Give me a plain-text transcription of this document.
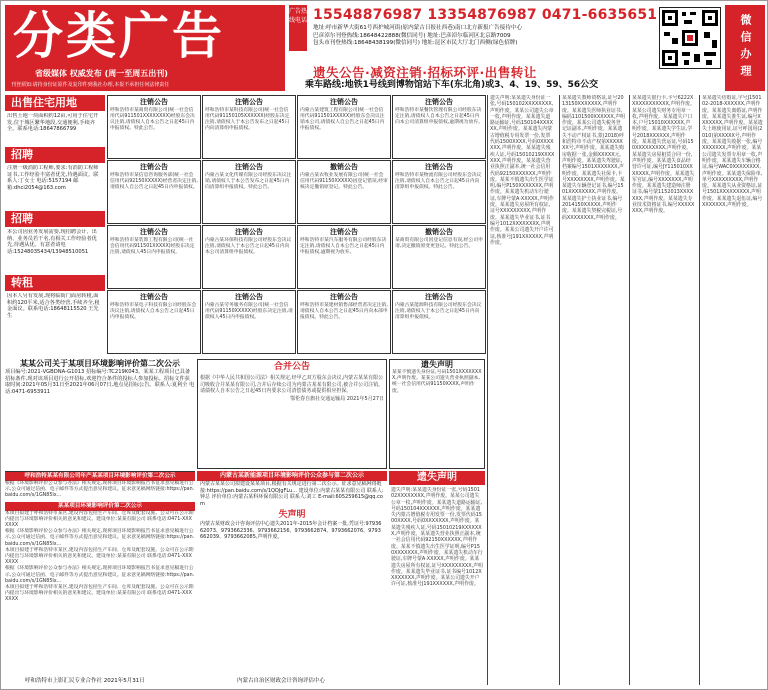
分类广告
省级媒体 权威发布 (周一至周五出刊)
刊登须知:请持身份证原件及复印件到我社办理,本报不承担任何法律责任
广告热线电话 15548876987 13354876987 0471-6635651
地址:呼市新华大街61号西护城河街(原内蒙古日报社西巷)南口北方新报广告接待中心
巴彦淖尔刊登热线:18648422888(微信同号) 地址:巴彦淖尔临河区北京路7009
包头市刊登热线:18648438199(微信同号) 地址:昆区市民大厅北门西侧(绿色招牌)
遗失公告·减资注销·招标环评·出售转让
乘车路线:地铁1号线到博物馆站下车(东北角)或3、4、19、59、56公交
微信办理
出售住宅用地
出售土地一块面积约12亩,可用于住宅开发,位于城区繁华地段,交通便利,手续齐全。联系电话:18647866799
招聘
注册一级消防工程师,要求:有消防工程师证书,工作经验丰富者优先,待遇面议。联系人:丁女士 电话:5157194 邮箱:dhci2054@163.com
招聘
本公司因业务发展需要,现招聘会计、出纳、业务员若干名,有相关工作经验者优先,待遇从优。有意者请电话:15248035434/13948510051
转租
因本人另有发展,现将临街门面房转租,面积约120平米,适合各类经营,手续齐全,租金面议。联系电话:18648115520 王先生
注销公告

呼和浩特市某商贸有限公司(统一社会信用代码911501XXXXXXXX)经股东会决议注销,请债权人自本公告之日起45日内申报债权。特此公告。

注销公告

呼和浩特市某科技有限公司(统一社会信用代码91150105XXXXXX)经股东决定注销,请债权人于本公告发布之日起45日内向清算组申报债权。

注销公告

内蒙古某建筑工程有限公司(统一社会信用代码911501XXXXX)经股东会决议注销本公司,请债权人自公告之日起45日内申报债权。

注销公告

呼和浩特市某餐饮管理有限公司经股东决定注销,请债权人自本公告之日起45日内向本公司清算组申报债权,逾期视为放弃。

注销公告

呼和浩特市某信息咨询服务部(统一社会信用代码92150XXXXX)经营者决定注销,请债权人自公告之日起45日内申报债权。

注销公告

内蒙古某文化传媒有限公司经股东决议注销,请债权人于本公告发布之日起45日内向清算组申报债权。特此公告。

撤销公告

内蒙古某农牧业发展有限公司(统一社会信用代码91150XXXXX)因登记错误,经审核决定撤销原登记。特此公告。

注销公告

呼和浩特市某物流有限公司经股东会决议注销,请债权人自本公告之日起45日内向清算组申报债权。特此公告。

注销公告

呼和浩特市某装饰工程有限公司(统一社会信用代码911501XXXXX)经股东决定注销,请债权人45日内申报债权。

注销公告

内蒙古某环保科技有限公司经股东会决议注销,请债权人于本公告之日起45日内向本公司清算组申报债权。

注销公告

呼和浩特市某汽车服务有限公司经股东决定注销,请债权人自本公告之日起45日内申报债权,逾期视为放弃。

撤销公告

某商贸有限公司因登记信息有误,经公司申请,决定撤销原变更登记。特此公告。

注销公告

呼和浩特市某电子科技有限公司经股东会决议注销,请债权人自本公告之日起45日内申报债权。

注销公告

内蒙古某劳务服务有限公司(统一社会信用代码91150XXXXX)经股东决定注销,请债权人45日内申报债权。

注销公告

呼和浩特市某建材销售部经营者决定注销,请债权人自本公告之日起45日内向本部申报债权。特此公告。

注销公告

内蒙古某能源科技有限公司经股东会决议注销,请债权人于本公告之日起45日内向清算组申报债权。

某某公司关于某项目环境影响评价第二次公示

项目编号:2021-VGBDNA-G1013 招标编号:TC219K043。某某工程项目已具备招标条件,现对该项目进行公开招标,欢迎符合条件的投标人参加投标。招标文件获取时间:2021年05月31日至2021年06月07日,地点见招标公告。联系人:夏利全 电话:0471-6953911

合并公告

根据《中华人民共和国公司法》相关规定,经甲乙双方股东会决议,内蒙古某某有限公司吸收合并某某有限公司,合并后存续公司为内蒙古某某有限公司,被合并公司注销。请债权人自本公告之日起45日内要求公司清偿债务或提供相应担保。

鄂伦春自旗社交通运输局 2021年5月27日

遗失声明

某某不慎遗失身份证,号码1501XXXXXXXX,声明作废。某某公司遗失营业执照副本,统一社会信用代码91150XXXX,声明作废。

呼和浩特某某有限公司年产某某项目环境影响评价第二次公示

根据《环境影响评价公众参与办法》相关规定,现将项目环境影响报告书征求意见稿进行公示,公众可通过信函、电子邮件等方式提出意见和建议。征求意见稿网络链接:https://pan.baidu.com/s/1GN85Ix...

某某项目环境影响评价第二次公示

本项目拟建于呼和浩特市某区,建设内容包括生产车间、仓库及配套设施。公众可在公示期内提出与环境影响评价相关的意见和建议。建设单位:某某有限公司 联系电话:0471-XXXXXXX

根据《环境影响评价公众参与办法》相关规定,现将项目环境影响报告书征求意见稿进行公示,公众可通过信函、电子邮件等方式提出意见和建议。征求意见稿网络链接:https://pan.baidu.com/s/1GN85Ix...

本项目拟建于呼和浩特市某区,建设内容包括生产车间、仓库及配套设施。公众可在公示期内提出与环境影响评价相关的意见和建议。建设单位:某某有限公司 联系电话:0471-XXXXXXX

根据《环境影响评价公众参与办法》相关规定,现将项目环境影响报告书征求意见稿进行公示,公众可通过信函、电子邮件等方式提出意见和建议。征求意见稿网络链接:https://pan.baidu.com/s/1GN85Ix...

本项目拟建于呼和浩特市某区,建设内容包括生产车间、仓库及配套设施。公众可在公示期内提出与环境影响评价相关的意见和建议。建设单位:某某有限公司 联系电话:0471-XXXXXXX

呼和浩特市上影汇民专业合作社 2021年5月31日
内蒙古某新能源项目环境影响评价公众参与第二次公示

内蒙古某某公司拟建设某某项目,根据有关规定进行第二次公示。征求意见稿网络链接:https://pan.baidu.com/s/1QOJgFLu... 建设单位:内蒙古某某有限公司 联系人:钟总 评价单位:内蒙古某科环保有限公司 联系人:刘工 E-mail:605259615@qq.com

失声明

内蒙古某财政会计咨询评估中心遗失2011年-2015年会计档案一批,凭证号:9793662073、9793662336、9793662156、9793662874、9793662076、9793662039、9793662085,声明作废。

内蒙古自治区财政会计咨询评估中心
遗失声明
遗失声明:某某遗失身份证一张,号码150102XXXXXXXX,声明作废。某某公司遗失公章一枚,声明作废。某某遗失道路运输证,号码150104XXXXXX,声明作废。某某遗失内蒙古增值税专用发票一份,发票代码1500XXXX,号码0XXXXXXX,声明作废。某某遗失残疾人证,号码15010219XXXXXXX,声明作废。某某遗失营业执照正副本,统一社会信用代码92150XXXXXX,声明作废。某某不慎遗失出生医学证明,编号P150XXXXXXX,声明作废。某某遗失机动车行驶证,车牌号蒙A·XXXXX,声明作废。某某遗失房屋所有权证,证号XXXXXXXXX,声明作废。某某遗失毕业证书,证书编号1012XXXXXXXX,声明作废。某某公司遗失开户许可证,核准号J191XXXXXX,声明作废。
遗失声明:某某遗失身份证一张,号码150102XXXXXXXX,声明作废。某某公司遗失公章一枚,声明作废。某某遗失道路运输证,号码150104XXXXXX,声明作废。某某遗失内蒙古增值税专用发票一份,发票代码1500XXXX,号码0XXXXXXX,声明作废。某某遗失残疾人证,号码15010219XXXXXXX,声明作废。某某遗失营业执照正副本,统一社会信用代码92150XXXXXX,声明作废。某某不慎遗失出生医学证明,编号P150XXXXXXX,声明作废。某某遗失机动车行驶证,车牌号蒙A·XXXXX,声明作废。某某遗失房屋所有权证,证号XXXXXXXXX,声明作废。某某遗失毕业证书,证书编号1012XXXXXXXX,声明作废。某某公司遗失开户许可证,核准号J191XXXXXX,声明作废。
某某遗失教师资格证,证号2013150XXXXXXX,声明作废。某某遗失医师执业证书,编码1101500XXXXXX,声明作废。某某公司遗失税务登记证副本,声明作废。某某遗失不动产权证书,蒙(2018)呼和浩特市不动产权第XXXXXXX号,声明作废。某某遗失购房收据一张,金额XXXXX元,声明作废。某某遗失驾驶证,档案编号1501XXXXXXX,声明作废。某某遗失社保卡,卡号XXXXXXXX,声明作废。某某遗失车辆登记证书,编号1501XXXXXXXX,声明作废。某某遗失护士执业证书,编号2014150XXXXX,声明作废。某某遗失契税完税证,号码XXXXXXXX,声明作废。
某某遗失银行卡,卡号6222XXXXXXXXXXXX,声明作废。某某公司遗失财务专用章一枚,声明作废。某某遗失户口本,户号15010XXXXXX,声明作废。某某遗失学生证,学号2018XXXXXX,声明作废。某某遗失营运证,号码150XXXXXXXXX,声明作废。某某遗失房屋租赁合同一份,声明作废。某某遗失食品经营许可证,编号JY115010XXXXXXX,声明作废。某某遗失军官证,编号XXXXXXX,声明作废。某某遗失建造师注册证书,编号蒙1152013XXXXXXX,声明作废。某某遗失专业技术资格证书,编号XXXXXXXX,声明作废。
某某遗失结婚证,字号J150102-2018-XXXXXX,声明作废。某某遗失离婚证,声明作废。某某遗失准生证,编号XXXXXXX,声明作废。某某遗失土地使用证,证号呼国用(2010)第XXXXX号,声明作废。某某遗失收据一张,编号XXXXXXX,声明作废。某某公司遗失发票专用章一枚,声明作废。某某遗失车辆合格证,编号WAC0XXXXXXXX,声明作废。某某遗失保险单,单号XXXXXXXXX,声明作废。某某遗失从业资格证,证号1501XXXXXXXXX,声明作废。某某遗失退伍证,编号XXXXXXX,声明作废。
